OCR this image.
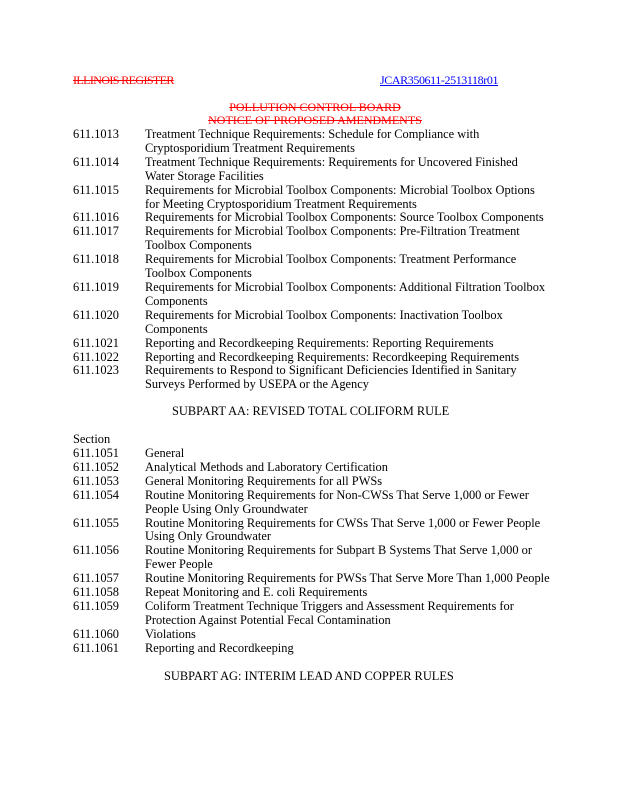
ILLINOIS REGISTER	JCAR350611-2513118r01
POLLUTION CONTROL BOARD
NOTICE OF PROPOSED AMENDMENTS
611.1013	Treatment Technique Requirements: Schedule for Compliance with
Cryptosporidium Treatment Requirements
611.1014	Treatment Technique Requirements: Requirements for Uncovered Finished
Water Storage Facilities
611.1015	Requirements for Microbial Toolbox Components: Microbial Toolbox Options
for Meeting Cryptosporidium Treatment Requirements
611.1016	Requirements for Microbial Toolbox Components: Source Toolbox Components
611.1017	Requirements for Microbial Toolbox Components: Pre-Filtration Treatment
Toolbox Components
611.1018	Requirements for Microbial Toolbox Components: Treatment Performance
Toolbox Components
611.1019	Requirements for Microbial Toolbox Components: Additional Filtration Toolbox
Components
611.1020	Requirements for Microbial Toolbox Components: Inactivation Toolbox
Components
611.1021	Reporting and Recordkeeping Requirements: Reporting Requirements
611.1022	Reporting and Recordkeeping Requirements: Recordkeeping Requirements
611.1023	Requirements to Respond to Significant Deficiencies Identified in Sanitary
Surveys Performed by USEPA or the Agency
SUBPART AA: REVISED TOTAL COLIFORM RULE
Section
611.1051	General
611.1052	Analytical Methods and Laboratory Certification
611.1053	General Monitoring Requirements for all PWSs
611.1054	Routine Monitoring Requirements for Non-CWSs That Serve 1,000 or Fewer
People Using Only Groundwater
611.1055	Routine Monitoring Requirements for CWSs That Serve 1,000 or Fewer People
Using Only Groundwater
611.1056	Routine Monitoring Requirements for Subpart B Systems That Serve 1,000 or
Fewer People
611.1057	Routine Monitoring Requirements for PWSs That Serve More Than 1,000 People
611.1058	Repeat Monitoring and E. coli Requirements
611.1059	Coliform Treatment Technique Triggers and Assessment Requirements for
Protection Against Potential Fecal Contamination
611.1060	Violations
611.1061	Reporting and Recordkeeping
SUBPART AG: INTERIM LEAD AND COPPER RULES
